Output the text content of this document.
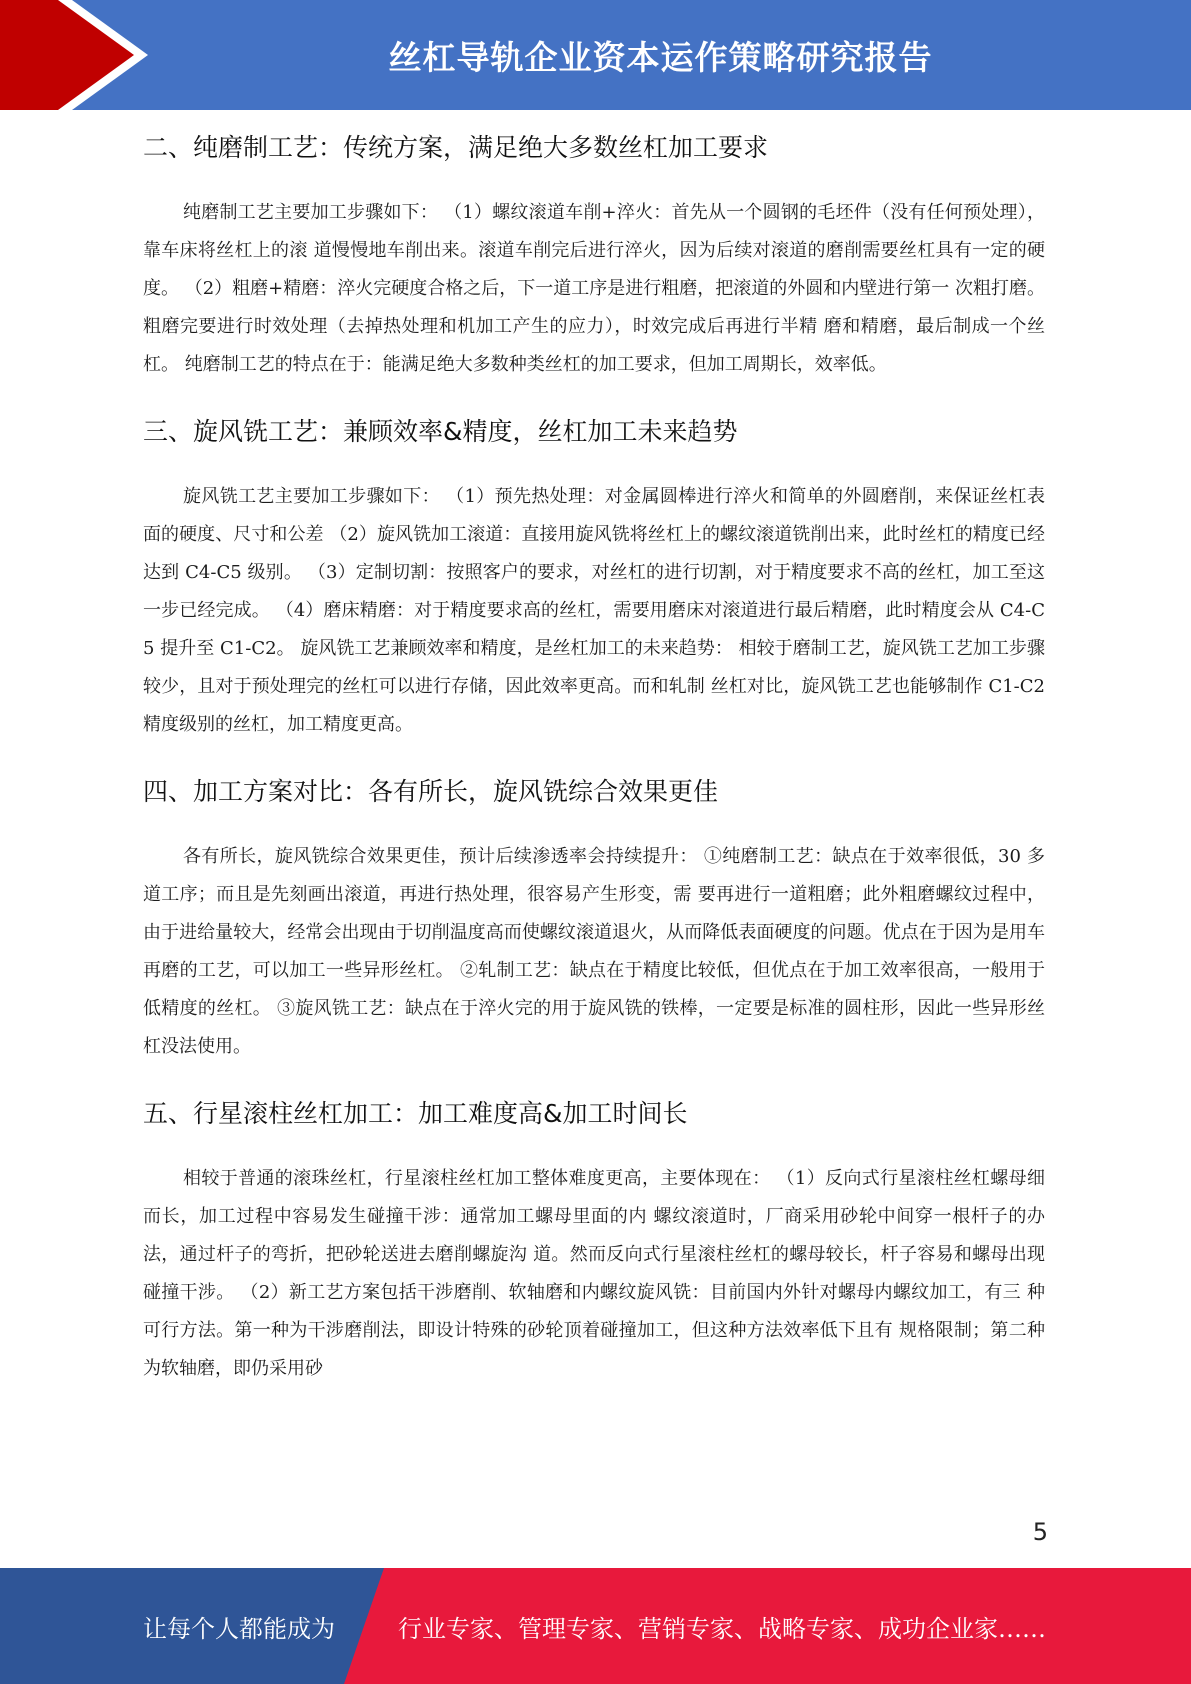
丝杠导轨企业资本运作策略研究报告
二、纯磨制工艺：传统方案，满足绝大多数丝杠加工要求

纯磨制工艺主要加工步骤如下： （1）螺纹滚道车削+淬火：首先从一个圆钢的毛坯件（没有任何预处理），靠车床将丝杠上的滚 道慢慢地车削出来。滚道车削完后进行淬火，因为后续对滚道的磨削需要丝杠具有一定的硬度。 （2）粗磨+精磨：淬火完硬度合格之后，下一道工序是进行粗磨，把滚道的外圆和内壁进行第一 次粗打磨。粗磨完要进行时效处理（去掉热处理和机加工产生的应力），时效完成后再进行半精 磨和精磨，最后制成一个丝杠。 纯磨制工艺的特点在于：能满足绝大多数种类丝杠的加工要求，但加工周期长，效率低。

三、旋风铣工艺：兼顾效率&精度，丝杠加工未来趋势

旋风铣工艺主要加工步骤如下： （1）预先热处理：对金属圆棒进行淬火和简单的外圆磨削，来保证丝杠表面的硬度、尺寸和公差 （2）旋风铣加工滚道：直接用旋风铣将丝杠上的螺纹滚道铣削出来，此时丝杠的精度已经达到 C4-C5 级别。 （3）定制切割：按照客户的要求，对丝杠的进行切割，对于精度要求不高的丝杠，加工至这一步已经完成。 （4）磨床精磨：对于精度要求高的丝杠，需要用磨床对滚道进行最后精磨，此时精度会从 C4-C5 提升至 C1-C2。 旋风铣工艺兼顾效率和精度，是丝杠加工的未来趋势： 相较于磨制工艺，旋风铣工艺加工步骤较少，且对于预处理完的丝杠可以进行存储，因此效率更高。而和轧制 丝杠对比，旋风铣工艺也能够制作 C1-C2 精度级别的丝杠，加工精度更高。

四、加工方案对比：各有所长，旋风铣综合效果更佳

各有所长，旋风铣综合效果更佳，预计后续渗透率会持续提升： ①纯磨制工艺：缺点在于效率很低，30 多道工序；而且是先刻画出滚道，再进行热处理，很容易产生形变，需 要再进行一道粗磨；此外粗磨螺纹过程中，由于进给量较大，经常会出现由于切削温度高而使螺纹滚道退火，从而降低表面硬度的问题。优点在于因为是用车再磨的工艺，可以加工一些异形丝杠。 ②轧制工艺：缺点在于精度比较低，但优点在于加工效率很高，一般用于低精度的丝杠。 ③旋风铣工艺：缺点在于淬火完的用于旋风铣的铁棒，一定要是标准的圆柱形，因此一些异形丝杠没法使用。

五、行星滚柱丝杠加工：加工难度高&加工时间长

相较于普通的滚珠丝杠，行星滚柱丝杠加工整体难度更高，主要体现在： （1）反向式行星滚柱丝杠螺母细而长，加工过程中容易发生碰撞干涉：通常加工螺母里面的内 螺纹滚道时，厂商采用砂轮中间穿一根杆子的办法，通过杆子的弯折，把砂轮送进去磨削螺旋沟 道。然而反向式行星滚柱丝杠的螺母较长，杆子容易和螺母出现碰撞干涉。 （2）新工艺方案包括干涉磨削、软轴磨和内螺纹旋风铣：目前国内外针对螺母内螺纹加工，有三 种可行方法。第一种为干涉磨削法，即设计特殊的砂轮顶着碰撞加工，但这种方法效率低下且有 规格限制；第二种为软轴磨，即仍采用砂

5
让每个人都能成为	行业专家、管理专家、营销专家、战略专家、成功企业家……
